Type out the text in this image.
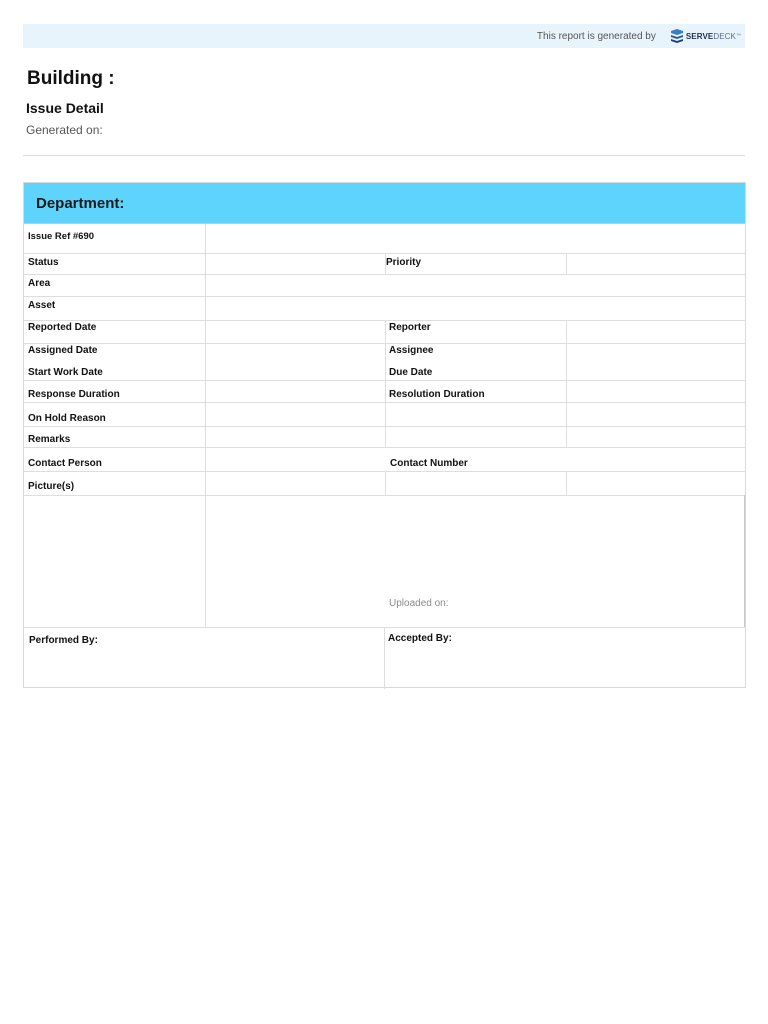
This report is generated by	SERVE DECK ™
Building :
Issue Detail
Generated on:
Department:
Issue Ref #690
Status	Priority
Area
Asset
Reported Date	Reporter
Assigned Date	Assignee
Start Work Date	Due Date
Response Duration	Resolution Duration
On Hold Reason
Remarks
Contact Person	Contact Number
Picture(s)
Uploaded on:
Performed By:	Accepted By:
